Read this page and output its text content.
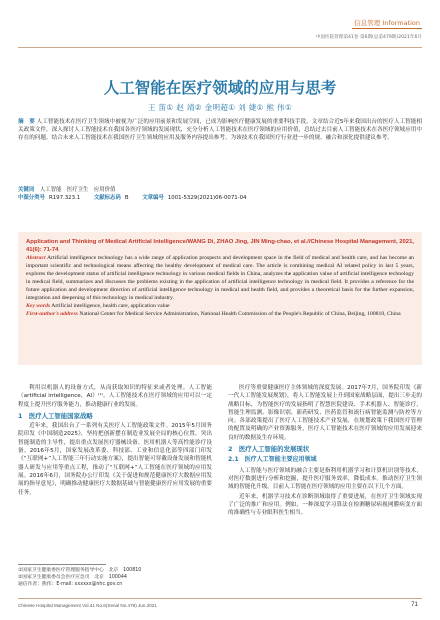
信息管理 Information
中国医院管理第41卷 第6期(总第479期)2021年6月
人工智能在医疗领域的应用与思考
王 笛① 赵 靖② 金明超① 刘 婕① 熊 伟①
摘　要 人工智能技术在医疗卫生领域中被视为广泛的应用前景和发展空间，已成为影响医疗健康发展的重要科技手段。文章结合近5年来我国出台的医疗人工智能相关政策文件，深入探讨人工智能技术在我国各医疗领域的发展现状，充分分析人工智能技术在医疗领域的应用价值，总结过去目前人工智能技术在各医疗领域应用中存在的问题。结合未来人工智能技术在我国医疗卫生领域的应用及服务内容提出参考。为该技术在我国医疗行业进一步的规、融合和深化提供建议参考。
关键词 人工智能　医疗卫生　应用价值
中图分类号 R197.323.1	文献标志码 B	文章编号 1001-5329(2021)06-0071-04
Application and Thinking of Medical Artificial Intelligence/WANG Di, ZHAO Jing, JIN Ming-chao, et al.//Chinese Hospital Management, 2021, 41(6): 71-74
Abstract Artificial intelligence technology has a wide range of application prospects and development space in the field of medical and health care, and has become an important scientific and technological means affecting the healthy development of medical care. The article is combining medical AI related policy in last 5 years, explores the development status of artificial intelligence technology in various medical fields in China, analyzes the application value of artificial intelligence technology in medical field, summarizes and discusses the problems existing in the application of artificial intelligence technology in medical field. It provides a reference for the future application and development direction of artificial intelligence technology in medical and health field, and provides a theoretical basis for the further expansion, integration and deepening of this technology in medical industry.
Key words Artificial intelligence, health care, application value
First-author's address National Center for Medical Service Administration, National Health Commission of the People's Republic of China, Beijing, 100810, China

利用以机器人的设备方式，从而获取知识的特征来或者处理。人工智能（artificial intelligence，AI）⁽¹⁾。人工智能技术在医疗领域的应用可以一定程度上提升医疗服务能力，推动健康行业的发展。

1　医疗人工智能国家战略

近年来，我国出台了一系列有关医疗人工智能政策文件。2015年5月国务院印发《中国制造2025》，坚持把创新摆在制造业发展全局的核心位置，突出智能制造的主导性，提出重点发展医疗器械设备、医用机器人等高性能诊疗设备。2016年5月，国家发展改革委、科技部、工业和信息化部等四部门印发《“互联网+”人工智能三年行动实施方案》，提出智能可穿戴设备发展和智能机器人研发与应用等重点工程，推动了“互联网+”人工智能在医疗领域的应用发展。2016年6月，国务院办公厅印发《关于促进和规范健康医疗大数据应用发展的指导意见》，明确推动健康医疗大数据基础与智能健康医疗应用发展的重要任务。

医疗等重要健康医疗主体领域的深度发展。2017年7月，国务院印发《新一代人工智能发展规划》，将人工智能发展上升到国家战略层面，提出三步走的战略目标，为智能医疗的发展指明了智慧医院建设、手术机器人、智能诊疗、智能生理监测、影像识别、新药研发、医药监管和流行病智能监测与防控等方向。各部政策提出了医疗人工智能技术产业发展，在规划政策下我国医疗管理的配置及明确的产业资源服务，医疗人工智能技术在医疗领域的应用发展迎来良好的数据及生存环境。

2　医疗人工智能的发展现状
2.1　医疗人工智能主要应用领域

人工智能与医疗领域的融合主要是指利用机器学习和计算机识别等技术，对医疗数据进行分析和挖掘，提升医疗服务效率，降低成本。推动医疗卫生领域的智能化升级。目前人工智能在医疗领域的应用主要在以下几个方面。

近年来，机器学习技术在诊断领域取得了重要进展，在医疗卫生领域实现了广泛的推广和应用。例如，一种深度学习算法在检测糖尿病视网膜病变方面的准确性与专业眼科医生相当。

①国家卫生健康委医疗管理服务指导中心　北京　100810
②国家卫生健康委员会医疗应急司　北京　100044
通信作者：熊伟：E-mail: xxxxxx@nhc.gov.cn
Chinese Hospital Management Vol.41 No.6(Serial No.479) Jun.2021	71
